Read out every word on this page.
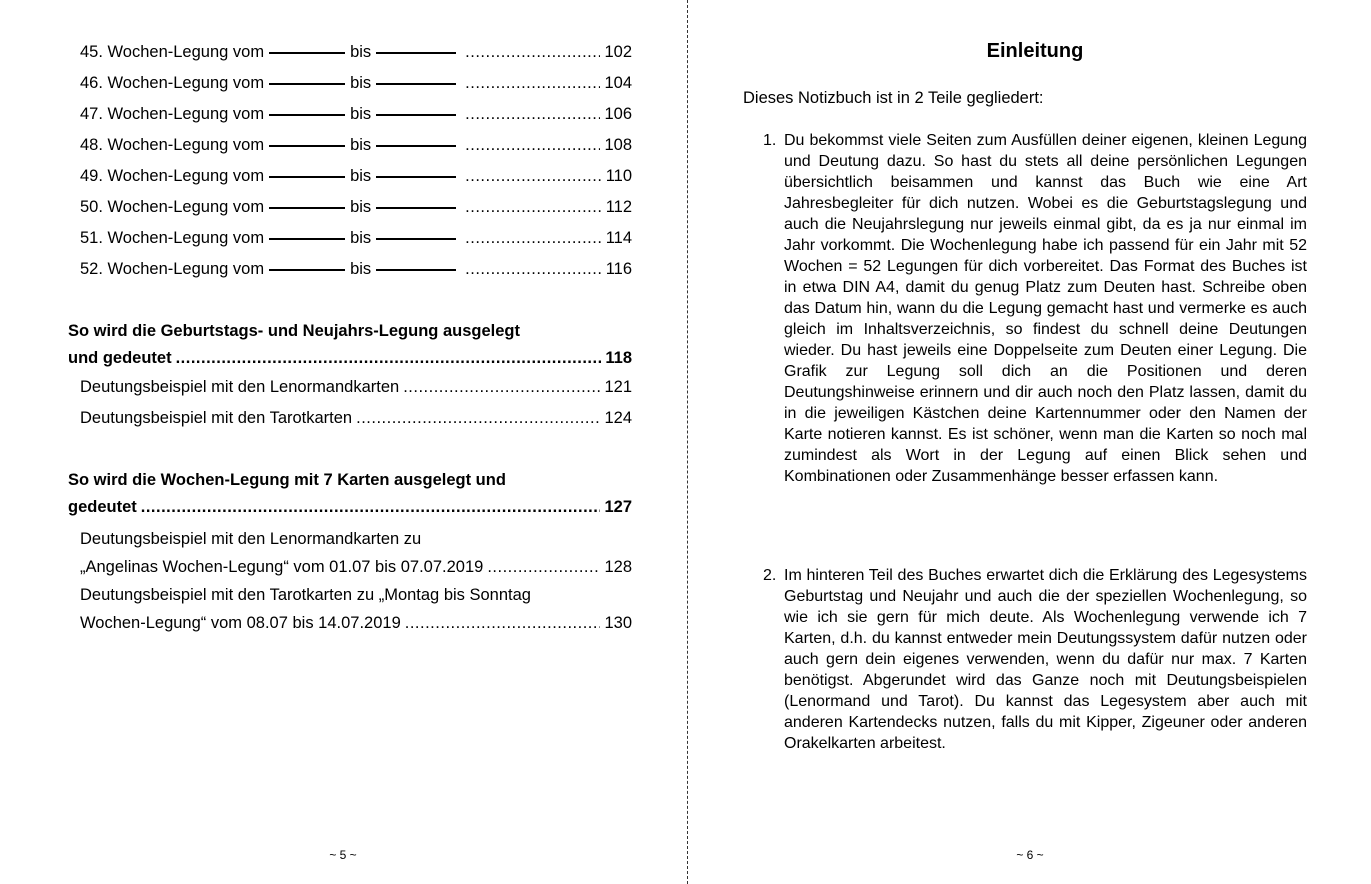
45. Wochen-Legung vom	bis .....	102
46. Wochen-Legung vom	bis .....	104
47. Wochen-Legung vom	bis .....	106
48. Wochen-Legung vom	bis .....	108
49. Wochen-Legung vom	bis .....	110
50. Wochen-Legung vom	bis .....	112
51. Wochen-Legung vom	bis .....	114
52. Wochen-Legung vom	bis .....	116
So wird die Geburtstags- und Neujahrs-Legung ausgelegt
und gedeutet .....	118
Deutungsbeispiel mit den Lenormandkarten .....	121
Deutungsbeispiel mit den Tarotkarten .....	124
So wird die Wochen-Legung mit 7 Karten ausgelegt und
gedeutet .....	127
Deutungsbeispiel mit den Lenormandkarten zu
„Angelinas Wochen-Legung“ vom 01.07 bis 07.07.2019 .....	128
Deutungsbeispiel mit den Tarotkarten zu „Montag bis Sonntag
Wochen-Legung“ vom 08.07 bis 14.07.2019 .....	130
~ 5 ~
Einleitung
Dieses Notizbuch ist in 2 Teile gegliedert:
1. Du bekommst viele Seiten zum Ausfüllen deiner eigenen, kleinen Legung und Deutung dazu. So hast du stets all deine persönlichen Legungen übersichtlich beisammen und kannst das Buch wie eine Art Jahresbegleiter für dich nutzen. Wobei es die Geburtstagslegung und auch die Neujahrslegung nur jeweils einmal gibt, da es ja nur einmal im Jahr vorkommt. Die Wochenlegung habe ich passend für ein Jahr mit 52 Wochen = 52 Legungen für dich vorbereitet. Das Format des Buches ist in etwa DIN A4, damit du genug Platz zum Deuten hast. Schreibe oben das Datum hin, wann du die Legung gemacht hast und vermerke es auch gleich im Inhaltsverzeichnis, so findest du schnell deine Deutungen wieder. Du hast jeweils eine Doppelseite zum Deuten einer Legung. Die Grafik zur Legung soll dich an die Positionen und deren Deutungshinweise erinnern und dir auch noch den Platz lassen, damit du in die jeweiligen Kästchen deine Kartennummer oder den Namen der Karte notieren kannst. Es ist schöner, wenn man die Karten so noch mal zumindest als Wort in der Legung auf einen Blick sehen und Kombinationen oder Zusammenhänge besser erfassen kann.
2. Im hinteren Teil des Buches erwartet dich die Erklärung des Legesystems Geburtstag und Neujahr und auch die der speziellen Wochenlegung, so wie ich sie gern für mich deute. Als Wochenlegung verwende ich 7 Karten, d.h. du kannst entweder mein Deutungssystem dafür nutzen oder auch gern dein eigenes verwenden, wenn du dafür nur max. 7 Karten benötigst. Abgerundet wird das Ganze noch mit Deutungsbeispielen (Lenormand und Tarot). Du kannst das Legesystem aber auch mit anderen Kartendecks nutzen, falls du mit Kipper, Zigeuner oder anderen Orakelkarten arbeitest.
~ 6 ~
